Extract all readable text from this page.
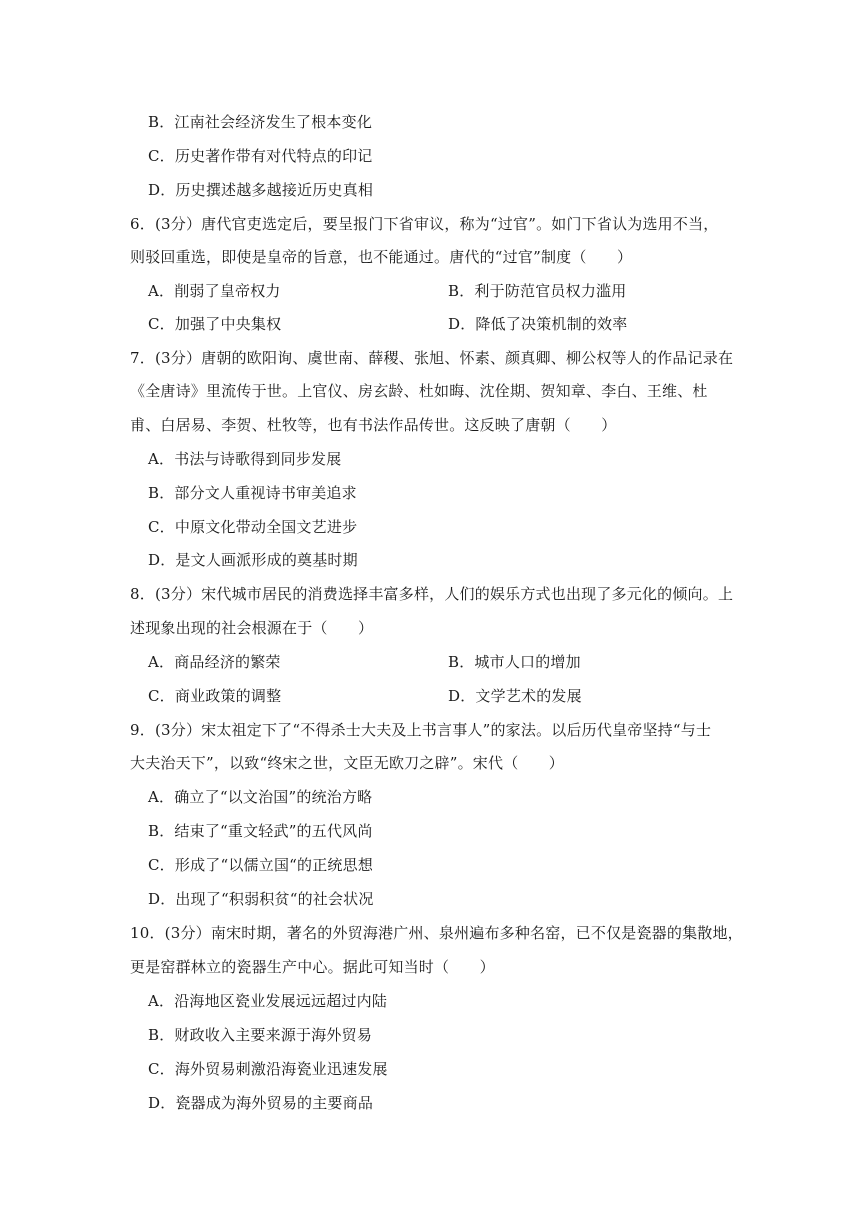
B．江南社会经济发生了根本变化
C．历史著作带有对代特点的印记
D．历史撰述越多越接近历史真相
6．(3分）唐代官吏选定后，要呈报门下省审议，称为“过官”。如门下省认为选用不当，
则驳回重选，即使是皇帝的旨意，也不能通过。唐代的“过官”制度（　　）
A．削弱了皇帝权力	B．利于防范官员权力滥用
C．加强了中央集权	D．降低了决策机制的效率
7．(3分）唐朝的欧阳询、虞世南、薛稷、张旭、怀素、颜真卿、柳公权等人的作品记录在
《全唐诗》里流传于世。上官仪、房玄龄、杜如晦、沈佺期、贺知章、李白、王维、杜
甫、白居易、李贺、杜牧等，也有书法作品传世。这反映了唐朝（　　）
A．书法与诗歌得到同步发展
B．部分文人重视诗书审美追求
C．中原文化带动全国文艺进步
D．是文人画派形成的奠基时期
8．(3分）宋代城市居民的消费选择丰富多样，人们的娱乐方式也出现了多元化的倾向。上
述现象出现的社会根源在于（　　）
A．商品经济的繁荣	B．城市人口的增加
C．商业政策的调整	D．文学艺术的发展
9．(3分）宋太祖定下了“不得杀士大夫及上书言事人”的家法。以后历代皇帝坚持“与士
大夫治天下”，以致“终宋之世，文臣无欧刀之辟”。宋代（　　）
A．确立了“以文治国”的统治方略
B．结束了“重文轻武”的五代风尚
C．形成了“以儒立国“的正统思想
D．出现了“积弱积贫“的社会状况
10．(3分）南宋时期，著名的外贸海港广州、泉州遍布多种名窑，已不仅是瓷器的集散地，
更是窑群林立的瓷器生产中心。据此可知当时（　　）
A．沿海地区瓷业发展远远超过内陆
B．财政收入主要来源于海外贸易
C．海外贸易刺激沿海瓷业迅速发展
D．瓷器成为海外贸易的主要商品
